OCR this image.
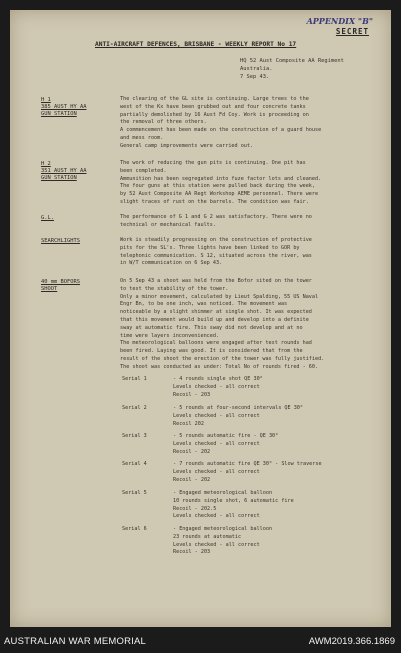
APPENDIX "B"
SECRET
ANTI-AIRCRAFT DEFENCES, BRISBANE - WEEKLY REPORT No 17
HQ 52 Aust Composite AA Regiment
Australia.
7 Sep 43.
H 1
385 AUST HY AA
GUN STATION
The clearing of the GL site is continuing. Large trees to the
west of the Kx have been grubbed out and four concrete tanks
partially demolished by 16 Aust Fd Coy. Work is proceeding on
the removal of three others.
A commencement has been made on the construction of a guard house
and mess room.
General camp improvements were carried out.
H 2
351 AUST HY AA
GUN STATION
The work of reducing the gun pits is continuing. One pit has
been completed.
Ammunition has been segregated into fuze factor lots and cleaned.
The four guns at this station were pulled back during the week,
by 52 Aust Composite AA Regt Workshop AEME personnel. There were
slight traces of rust on the barrels. The condition was fair.
G.L.	The performance of G 1 and G 2 was satisfactory. There were no
technical or mechanical faults.
SEARCHLIGHTS	Work is steadily progressing on the construction of protective
pits for the SL's. Three lights have been linked to GOR by
telephonic communication. S 12, situated across the river, was
in W/T communication on 6 Sep 43.
40 mm BOFORS
SHOOT
On 5 Sep 43 a shoot was held from the Bofor sited on the tower
to test the stability of the tower.
Only a minor movement, calculated by Lieut Spalding, 55 US Naval
Engr Bn, to be one inch, was noticed. The movement was
noticeable by a slight shimmer at single shot. It was expected
that this movement would build up and develop into a definite
sway at automatic fire. This sway did not develop and at no
time were layers inconvenienced.
The meteorological balloons were engaged after test rounds had
been fired. Laying was good. It is considered that from the
result of the shoot the erection of the tower was fully justified.
The shoot was conducted as under: Total No of rounds fired - 60.
Serial 1	- 4 rounds single shot QE 30°
Levels checked - all correct
Recoil - 203
Serial 2	- 5 rounds at four-second intervals QE 30°
Levels checked - all correct
Recoil 202
Serial 3	- 5 rounds automatic fire - QE 30°
Levels checked - all correct
Recoil - 202
Serial 4	- 7 rounds automatic fire QE 30° - Slow traverse
Levels checked - all correct
Recoil - 202
Serial 5	- Engaged meteorological balloon
10 rounds single shot, 6 automatic fire
Recoil - 202.5
Levels checked - all correct
Serial 6	- Engaged meteorological balloon
23 rounds at automatic
Levels checked - all correct
Recoil - 203
AUSTRALIAN WAR MEMORIAL	AWM2019.366.1869
